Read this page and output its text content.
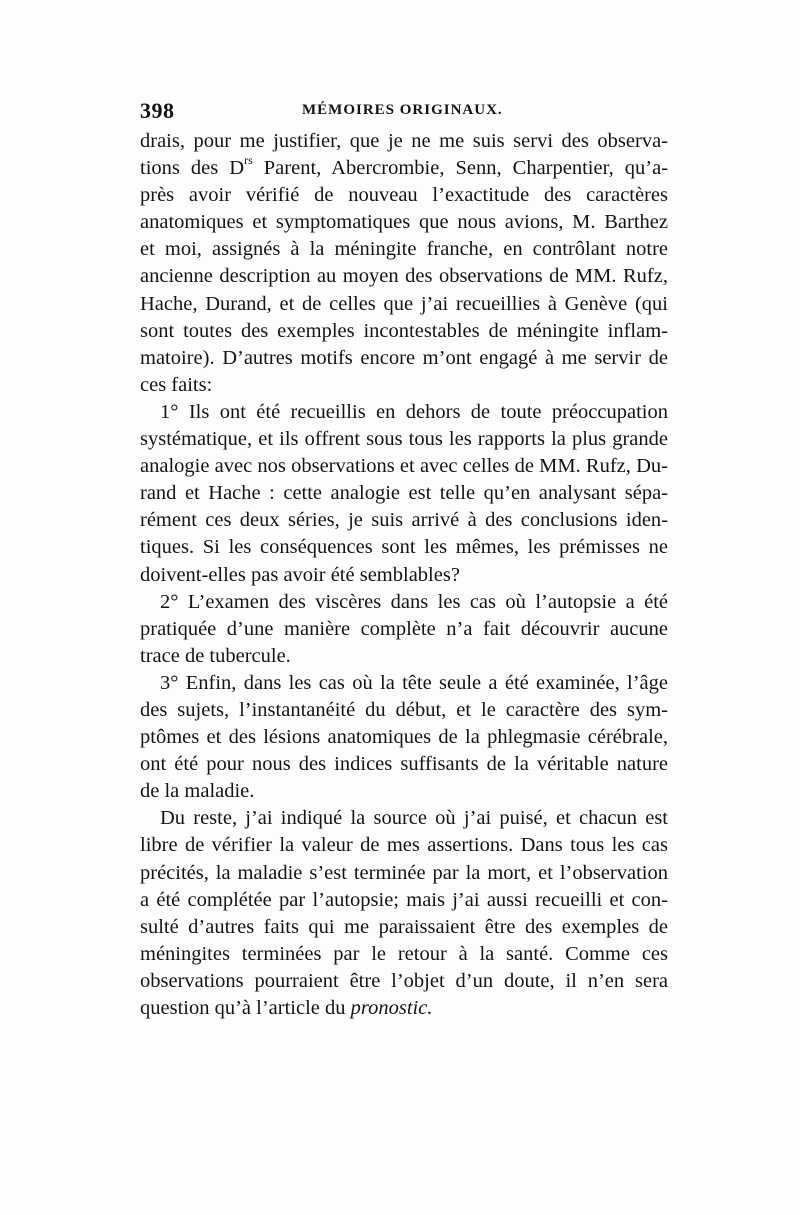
398	MÉMOIRES ORIGINAUX.
drais, pour me justifier, que je ne me suis servi des observa-
tions des $D^{rs}$ Parent, Abercrombie, Senn, Charpentier, qu’a-
près avoir vérifié de nouveau l’exactitude des caractères
anatomiques et symptomatiques que nous avions, M. Barthez
et moi, assignés à la méningite franche, en contrôlant notre
ancienne description au moyen des observations de MM. Rufz,
Hache, Durand, et de celles que j’ai recueillies à Genève (qui
sont toutes des exemples incontestables de méningite inflam-
matoire). D’autres motifs encore m’ont engagé à me servir de
ces faits:
1° Ils ont été recueillis en dehors de toute préoccupation
systématique, et ils offrent sous tous les rapports la plus grande
analogie avec nos observations et avec celles de MM. Rufz, Du-
rand et Hache : cette analogie est telle qu’en analysant sépa-
rément ces deux séries, je suis arrivé à des conclusions iden-
tiques. Si les conséquences sont les mêmes, les prémisses ne
doivent-elles pas avoir été semblables?
2° L’examen des viscères dans les cas où l’autopsie a été
pratiquée d’une manière complète n’a fait découvrir aucune
trace de tubercule.
3° Enfin, dans les cas où la tête seule a été examinée, l’âge
des sujets, l’instantanéité du début, et le caractère des sym-
ptômes et des lésions anatomiques de la phlegmasie cérébrale,
ont été pour nous des indices suffisants de la véritable nature
de la maladie.
Du reste, j’ai indiqué la source où j’ai puisé, et chacun est
libre de vérifier la valeur de mes assertions. Dans tous les cas
précités, la maladie s’est terminée par la mort, et l’observation
a été complétée par l’autopsie; mais j’ai aussi recueilli et con-
sulté d’autres faits qui me paraissaient être des exemples de
méningites terminées par le retour à la santé. Comme ces
observations pourraient être l’objet d’un doute, il n’en sera
question qu’à l’article du pronostic.
